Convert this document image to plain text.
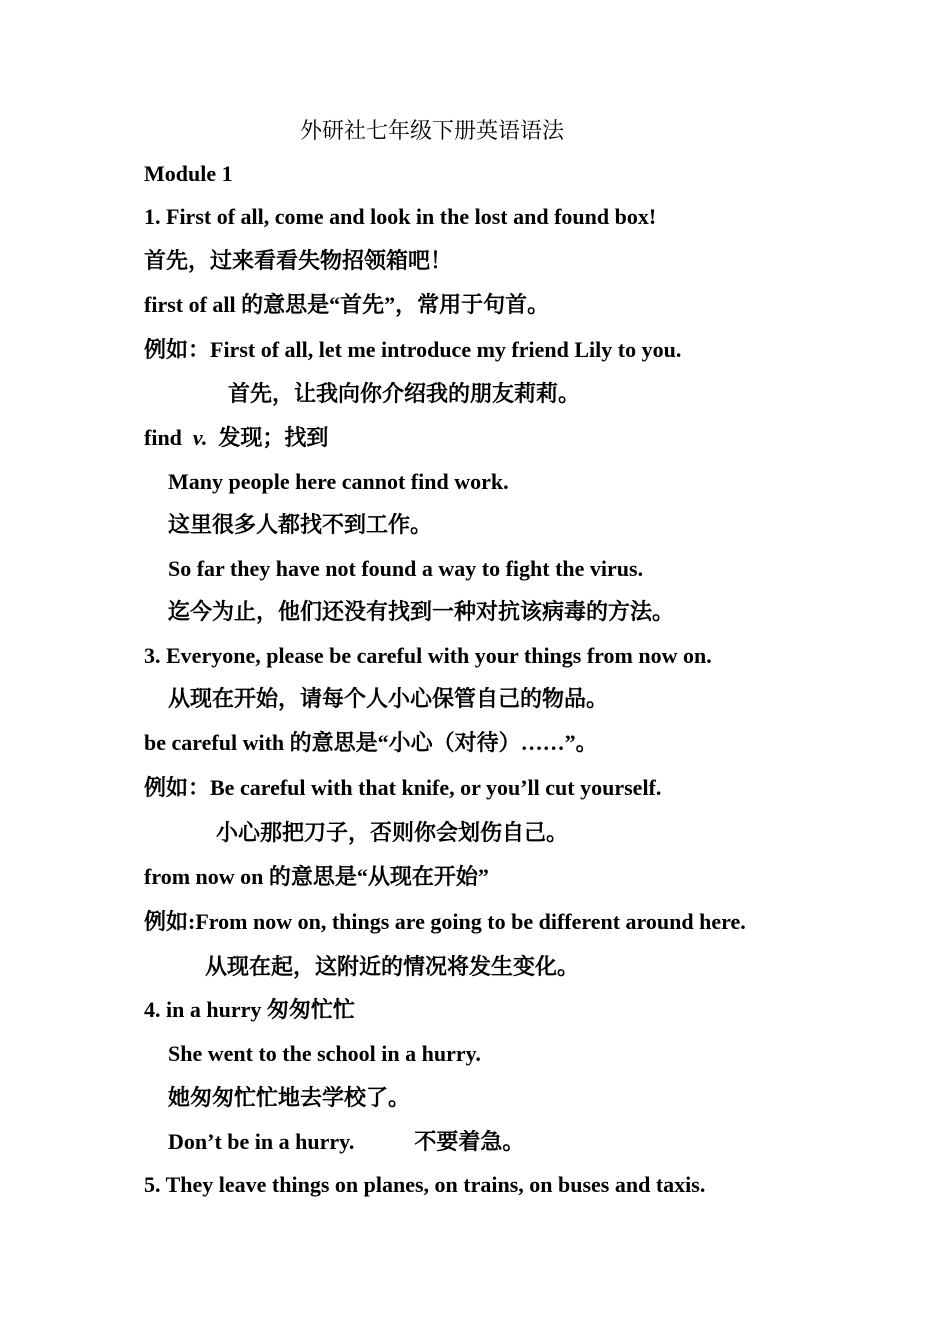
外研社七年级下册英语语法
Module 1
1. First of all, come and look in the lost and found box!
首先，过来看看失物招领箱吧！
first of all 的意思是“首先”，常用于句首。
例如：First of all, let me introduce my friend Lily to you.
首先，让我向你介绍我的朋友莉莉。
find v. 发现；找到
Many people here cannot find work.
这里很多人都找不到工作。
So far they have not found a way to fight the virus.
迄今为止，他们还没有找到一种对抗该病毒的方法。
3. Everyone, please be careful with your things from now on.
从现在开始，请每个人小心保管自己的物品。
be careful with 的意思是“小心（对待）……”。
例如：Be careful with that knife, or you’ll cut yourself.
小心那把刀子，否则你会划伤自己。
from now on 的意思是“从现在开始”
例如:From now on, things are going to be different around here.
从现在起，这附近的情况将发生变化。
4. in a hurry 匆匆忙忙
She went to the school in a hurry.
她匆匆忙忙地去学校了。
Don’t be in a hurry.	不要着急。
5. They leave things on planes, on trains, on buses and taxis.
